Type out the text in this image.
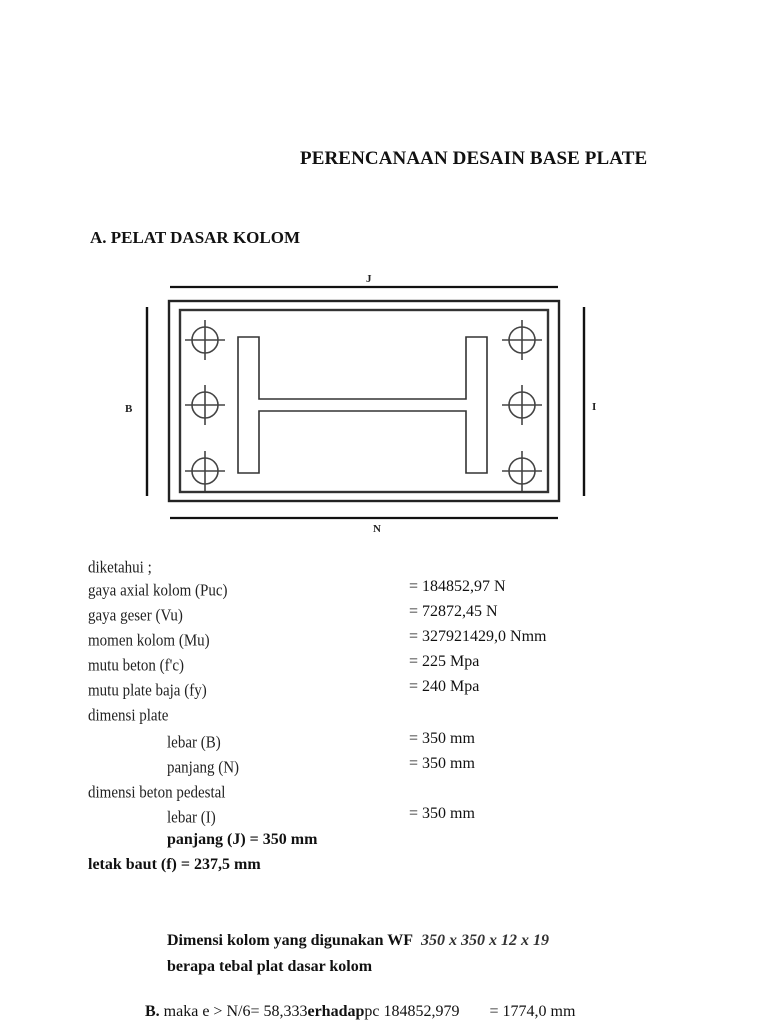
PERENCANAAN DESAIN BASE PLATE
A. PELAT DASAR KOLOM
J
N
B	I
diketahui ;
gaya axial kolom (Puc)	= 184852,97 N
gaya geser (Vu)	= 72872,45 N
momen kolom (Mu)	= 327921429,0 Nmm
mutu beton (f'c)	= 225 Mpa
mutu plate baja (fy)	= 240 Mpa
dimensi plate
lebar (B)	= 350 mm
panjang (N)	= 350 mm
dimensi beton pedestal
lebar (I)	= 350 mm
panjang (J) = 350 mm
letak baut (f) = 237,5 mm
Dimensi kolom yang digunakan WF 350 x 350 x 12 x 19
berapa tebal plat dasar kolom
B. maka e > N/6= 58,333erhadappc 184852,979 = 1774,0 mm
